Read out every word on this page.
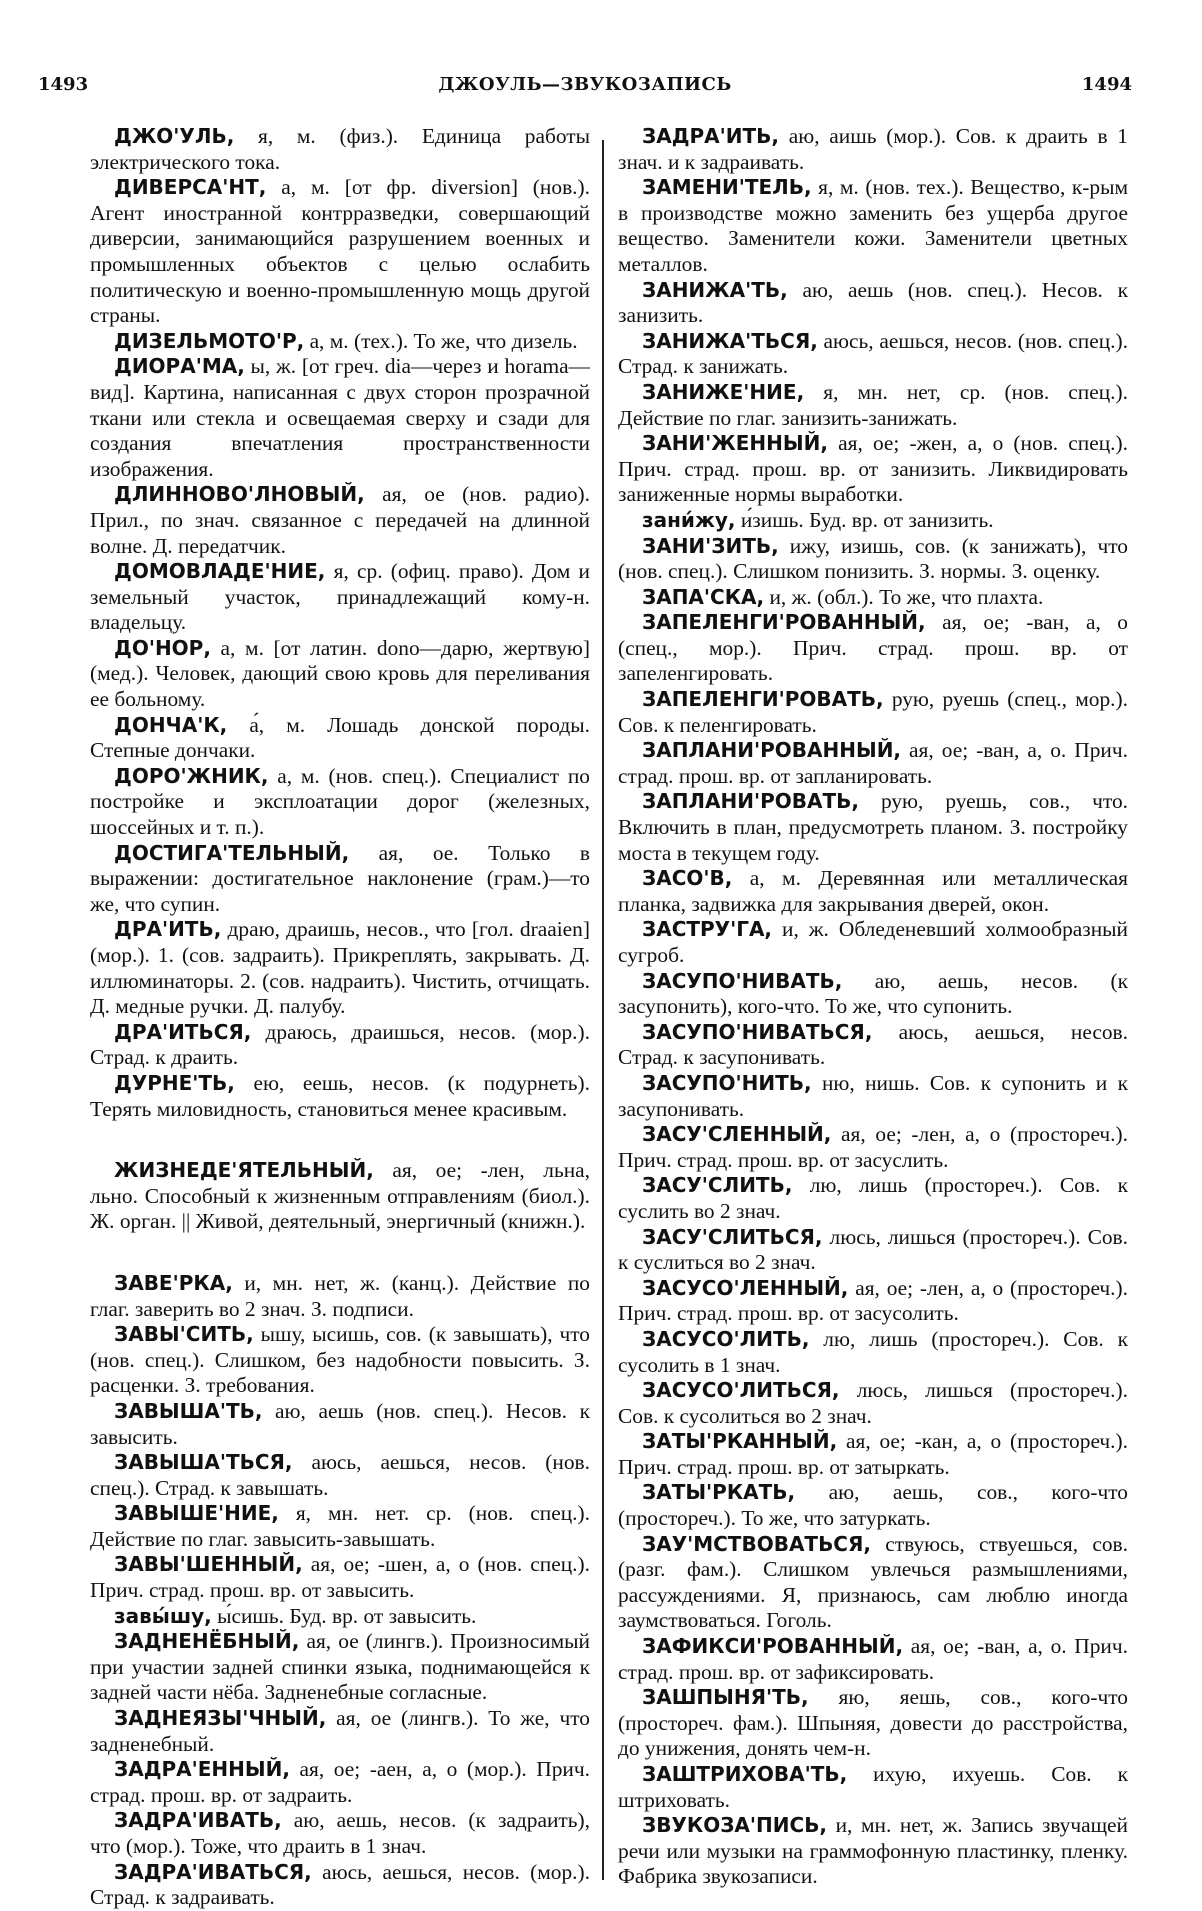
1493	ДЖОУЛЬ—ЗВУКОЗАПИСЬ	1494

ДЖО'УЛЬ, я, м. (физ.). Единица работы электрического тока.

ДИВЕРСА'НТ, а, м. [от фр. diversion] (нов.). Агент иностранной контрразведки, совершающий диверсии, занимающийся разрушением военных и промышленных объектов с целью ослабить политическую и военно-промышленную мощь другой страны.

ДИЗЕЛЬМОТО'Р, а, м. (тех.). То же, что дизель.

ДИОРА'МА, ы, ж. [от греч. dia—через и horama—вид]. Картина, написанная с двух сторон прозрачной ткани или стекла и освещаемая сверху и сзади для создания впечатления пространственности изображения.

ДЛИННОВО'ЛНОВЫЙ, ая, ое (нов. радио). Прил., по знач. связанное с передачей на длинной волне. Д. передатчик.

ДОМОВЛАДЕ'НИЕ, я, ср. (офиц. право). Дом и земельный участок, принадлежащий кому-н. владельцу.

ДО'НОР, а, м. [от латин. dono—дарю, жертвую] (мед.). Человек, дающий свою кровь для переливания ее больному.

ДОНЧА'К, а́, м. Лошадь донской породы. Степные дончаки.

ДОРО'ЖНИК, а, м. (нов. спец.). Специалист по постройке и эксплоатации дорог (железных, шоссейных и т. п.).

ДОСТИГА'ТЕЛЬНЫЙ, ая, ое. Только в выражении: достигательное наклонение (грам.)—то же, что супин.

ДРА'ИТЬ, драю, драишь, несов., что [гол. draaien] (мор.). 1. (сов. задраить). Прикреплять, закрывать. Д. иллюминаторы. 2. (сов. надраить). Чистить, отчищать. Д. медные ручки. Д. палубу.

ДРА'ИТЬСЯ, драюсь, драишься, несов. (мор.). Страд. к драить.

ДУРНЕ'ТЬ, ею, еешь, несов. (к подурнеть). Терять миловидность, становиться менее красивым.

ЖИЗНЕДЕ'ЯТЕЛЬНЫЙ, ая, ое; -лен, льна, льно. Способный к жизненным отправлениям (биол.). Ж. орган. || Живой, деятельный, энергичный (книжн.).

ЗАВЕ'РКА, и, мн. нет, ж. (канц.). Действие по глаг. заверить во 2 знач. З. подписи.

ЗАВЫ'СИТЬ, ышу, ысишь, сов. (к завышать), что (нов. спец.). Слишком, без надобности повысить. З. расценки. З. требования.

ЗАВЫША'ТЬ, аю, аешь (нов. спец.). Несов. к завысить.

ЗАВЫША'ТЬСЯ, аюсь, аешься, несов. (нов. спец.). Страд. к завышать.

ЗАВЫШЕ'НИЕ, я, мн. нет. ср. (нов. спец.). Действие по глаг. завысить-завышать.

ЗАВЫ'ШЕННЫЙ, ая, ое; -шен, а, о (нов. спец.). Прич. страд. прош. вр. от завысить.

завы́шу, ы́сишь. Буд. вр. от завысить.

ЗАДНЕНЁБНЫЙ, ая, ое (лингв.). Произносимый при участии задней спинки языка, поднимающейся к задней части нёба. Задненебные согласные.

ЗАДНЕЯЗЫ'ЧНЫЙ, ая, ое (лингв.). То же, что задненебный.

ЗАДРА'ЕННЫЙ, ая, ое; -аен, а, о (мор.). Прич. страд. прош. вр. от задраить.

ЗАДРА'ИВАТЬ, аю, аешь, несов. (к задраить), что (мор.). Тоже, что драить в 1 знач.

ЗАДРА'ИВАТЬСЯ, аюсь, аешься, несов. (мор.). Страд. к задраивать.

ЗАДРА'ИТЬ, аю, аишь (мор.). Сов. к драить в 1 знач. и к задраивать.

ЗАМЕНИ'ТЕЛЬ, я, м. (нов. тех.). Вещество, к-рым в производстве можно заменить без ущерба другое вещество. Заменители кожи. Заменители цветных металлов.

ЗАНИЖА'ТЬ, аю, аешь (нов. спец.). Несов. к занизить.

ЗАНИЖА'ТЬСЯ, аюсь, аешься, несов. (нов. спец.). Страд. к занижать.

ЗАНИЖЕ'НИЕ, я, мн. нет, ср. (нов. спец.). Действие по глаг. занизить-занижать.

ЗАНИ'ЖЕННЫЙ, ая, ое; -жен, а, о (нов. спец.). Прич. страд. прош. вр. от занизить. Ликвидировать заниженные нормы выработки.

зани́жу, и́зишь. Буд. вр. от занизить.

ЗАНИ'ЗИТЬ, ижу, изишь, сов. (к занижать), что (нов. спец.). Слишком понизить. З. нормы. З. оценку.

ЗАПА'СКА, и, ж. (обл.). То же, что плахта.

ЗАПЕЛЕНГИ'РОВАННЫЙ, ая, ое; -ван, а, о (спец., мор.). Прич. страд. прош. вр. от запеленгировать.

ЗАПЕЛЕНГИ'РОВАТЬ, рую, руешь (спец., мор.). Сов. к пеленгировать.

ЗАПЛАНИ'РОВАННЫЙ, ая, ое; -ван, а, о. Прич. страд. прош. вр. от запланировать.

ЗАПЛАНИ'РОВАТЬ, рую, руешь, сов., что. Включить в план, предусмотреть планом. З. постройку моста в текущем году.

ЗАСО'В, а, м. Деревянная или металлическая планка, задвижка для закрывания дверей, окон.

ЗАСТРУ'ГА, и, ж. Обледеневший холмообразный сугроб.

ЗАСУПО'НИВАТЬ, аю, аешь, несов. (к засупонить), кого-что. То же, что супонить.

ЗАСУПО'НИВАТЬСЯ, аюсь, аешься, несов. Страд. к засупонивать.

ЗАСУПО'НИТЬ, ню, нишь. Сов. к супонить и к засупонивать.

ЗАСУ'СЛЕННЫЙ, ая, ое; -лен, а, о (простореч.). Прич. страд. прош. вр. от засуслить.

ЗАСУ'СЛИТЬ, лю, лишь (простореч.). Сов. к суслить во 2 знач.

ЗАСУ'СЛИТЬСЯ, люсь, лишься (простореч.). Сов. к суслиться во 2 знач.

ЗАСУСО'ЛЕННЫЙ, ая, ое; -лен, а, о (простореч.). Прич. страд. прош. вр. от засусолить.

ЗАСУСО'ЛИТЬ, лю, лишь (простореч.). Сов. к сусолить в 1 знач.

ЗАСУСО'ЛИТЬСЯ, люсь, лишься (простореч.). Сов. к сусолиться во 2 знач.

ЗАТЫ'РКАННЫЙ, ая, ое; -кан, а, о (простореч.). Прич. страд. прош. вр. от затыркать.

ЗАТЫ'РКАТЬ, аю, аешь, сов., кого-что (простореч.). То же, что затуркать.

ЗАУ'МСТВОВАТЬСЯ, ствуюсь, ствуешься, сов. (разг. фам.). Слишком увлечься размышлениями, рассуждениями. Я, признаюсь, сам люблю иногда заумствоваться. Гоголь.

ЗАФИКСИ'РОВАННЫЙ, ая, ое; -ван, а, о. Прич. страд. прош. вр. от зафиксировать.

ЗАШПЫНЯ'ТЬ, яю, яешь, сов., кого-что (простореч. фам.). Шпыняя, довести до расстройства, до унижения, донять чем-н.

ЗАШТРИХОВА'ТЬ, ихую, ихуешь. Сов. к штриховать.

ЗВУКОЗА'ПИСЬ, и, мн. нет, ж. Запись звучащей речи или музыки на граммофонную пластинку, пленку. Фабрика звукозаписи.
